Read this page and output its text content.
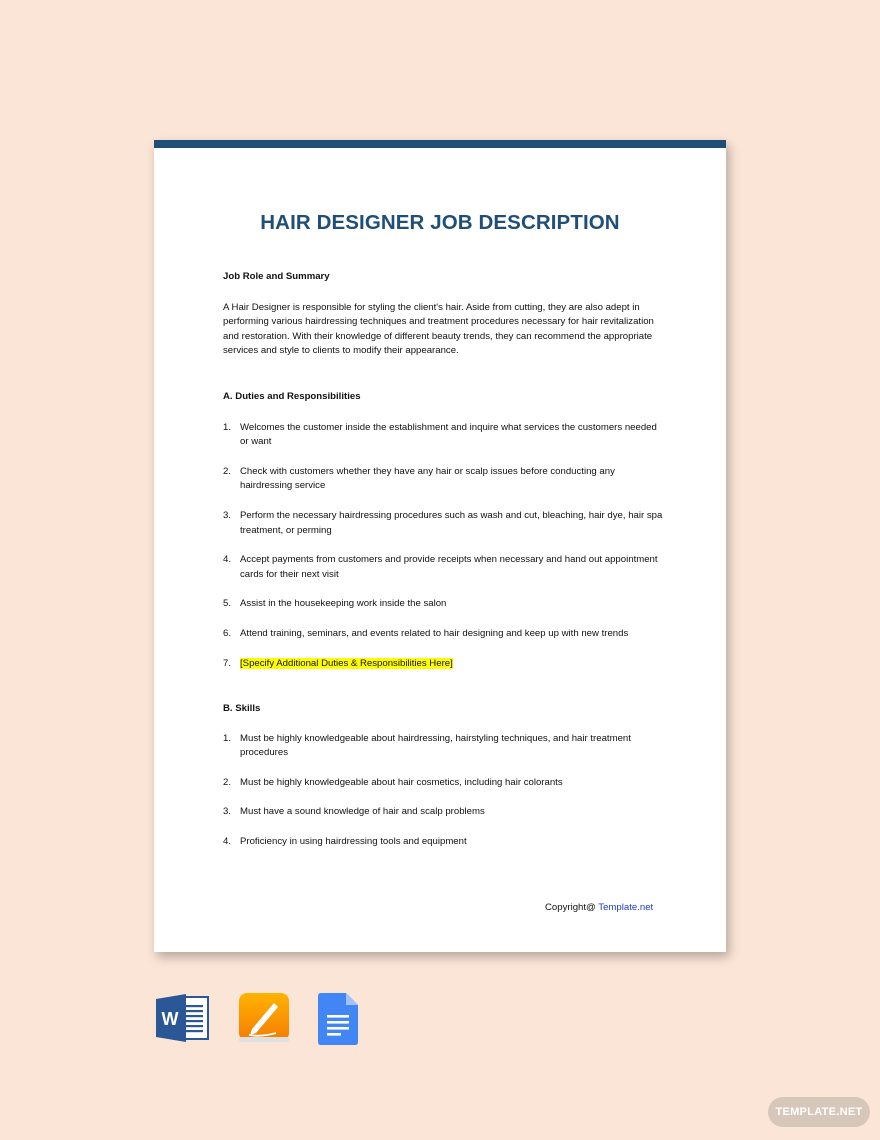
HAIR DESIGNER JOB DESCRIPTION

Job Role and Summary

A Hair Designer is responsible for styling the client's hair. Aside from cutting, they are also adept in performing various hairdressing techniques and treatment procedures necessary for hair revitalization and restoration. With their knowledge of different beauty trends, they can recommend the appropriate services and style to clients to modify their appearance.

A. Duties and Responsibilities

1. Welcomes the customer inside the establishment and inquire what services the customers needed or want
2. Check with customers whether they have any hair or scalp issues before conducting any hairdressing service
3. Perform the necessary hairdressing procedures such as wash and cut, bleaching, hair dye, hair spa treatment, or perming
4. Accept payments from customers and provide receipts when necessary and hand out appointment cards for their next visit
5. Assist in the housekeeping work inside the salon
6. Attend training, seminars, and events related to hair designing and keep up with new trends
7. [Specify Additional Duties & Responsibilities Here]

B. Skills

1. Must be highly knowledgeable about hairdressing, hairstyling techniques, and hair treatment procedures
2. Must be highly knowledgeable about hair cosmetics, including hair colorants
3. Must have a sound knowledge of hair and scalp problems
4. Proficiency in using hairdressing tools and equipment
Copyright@ Template.net
W
TEMPLATE.NET
